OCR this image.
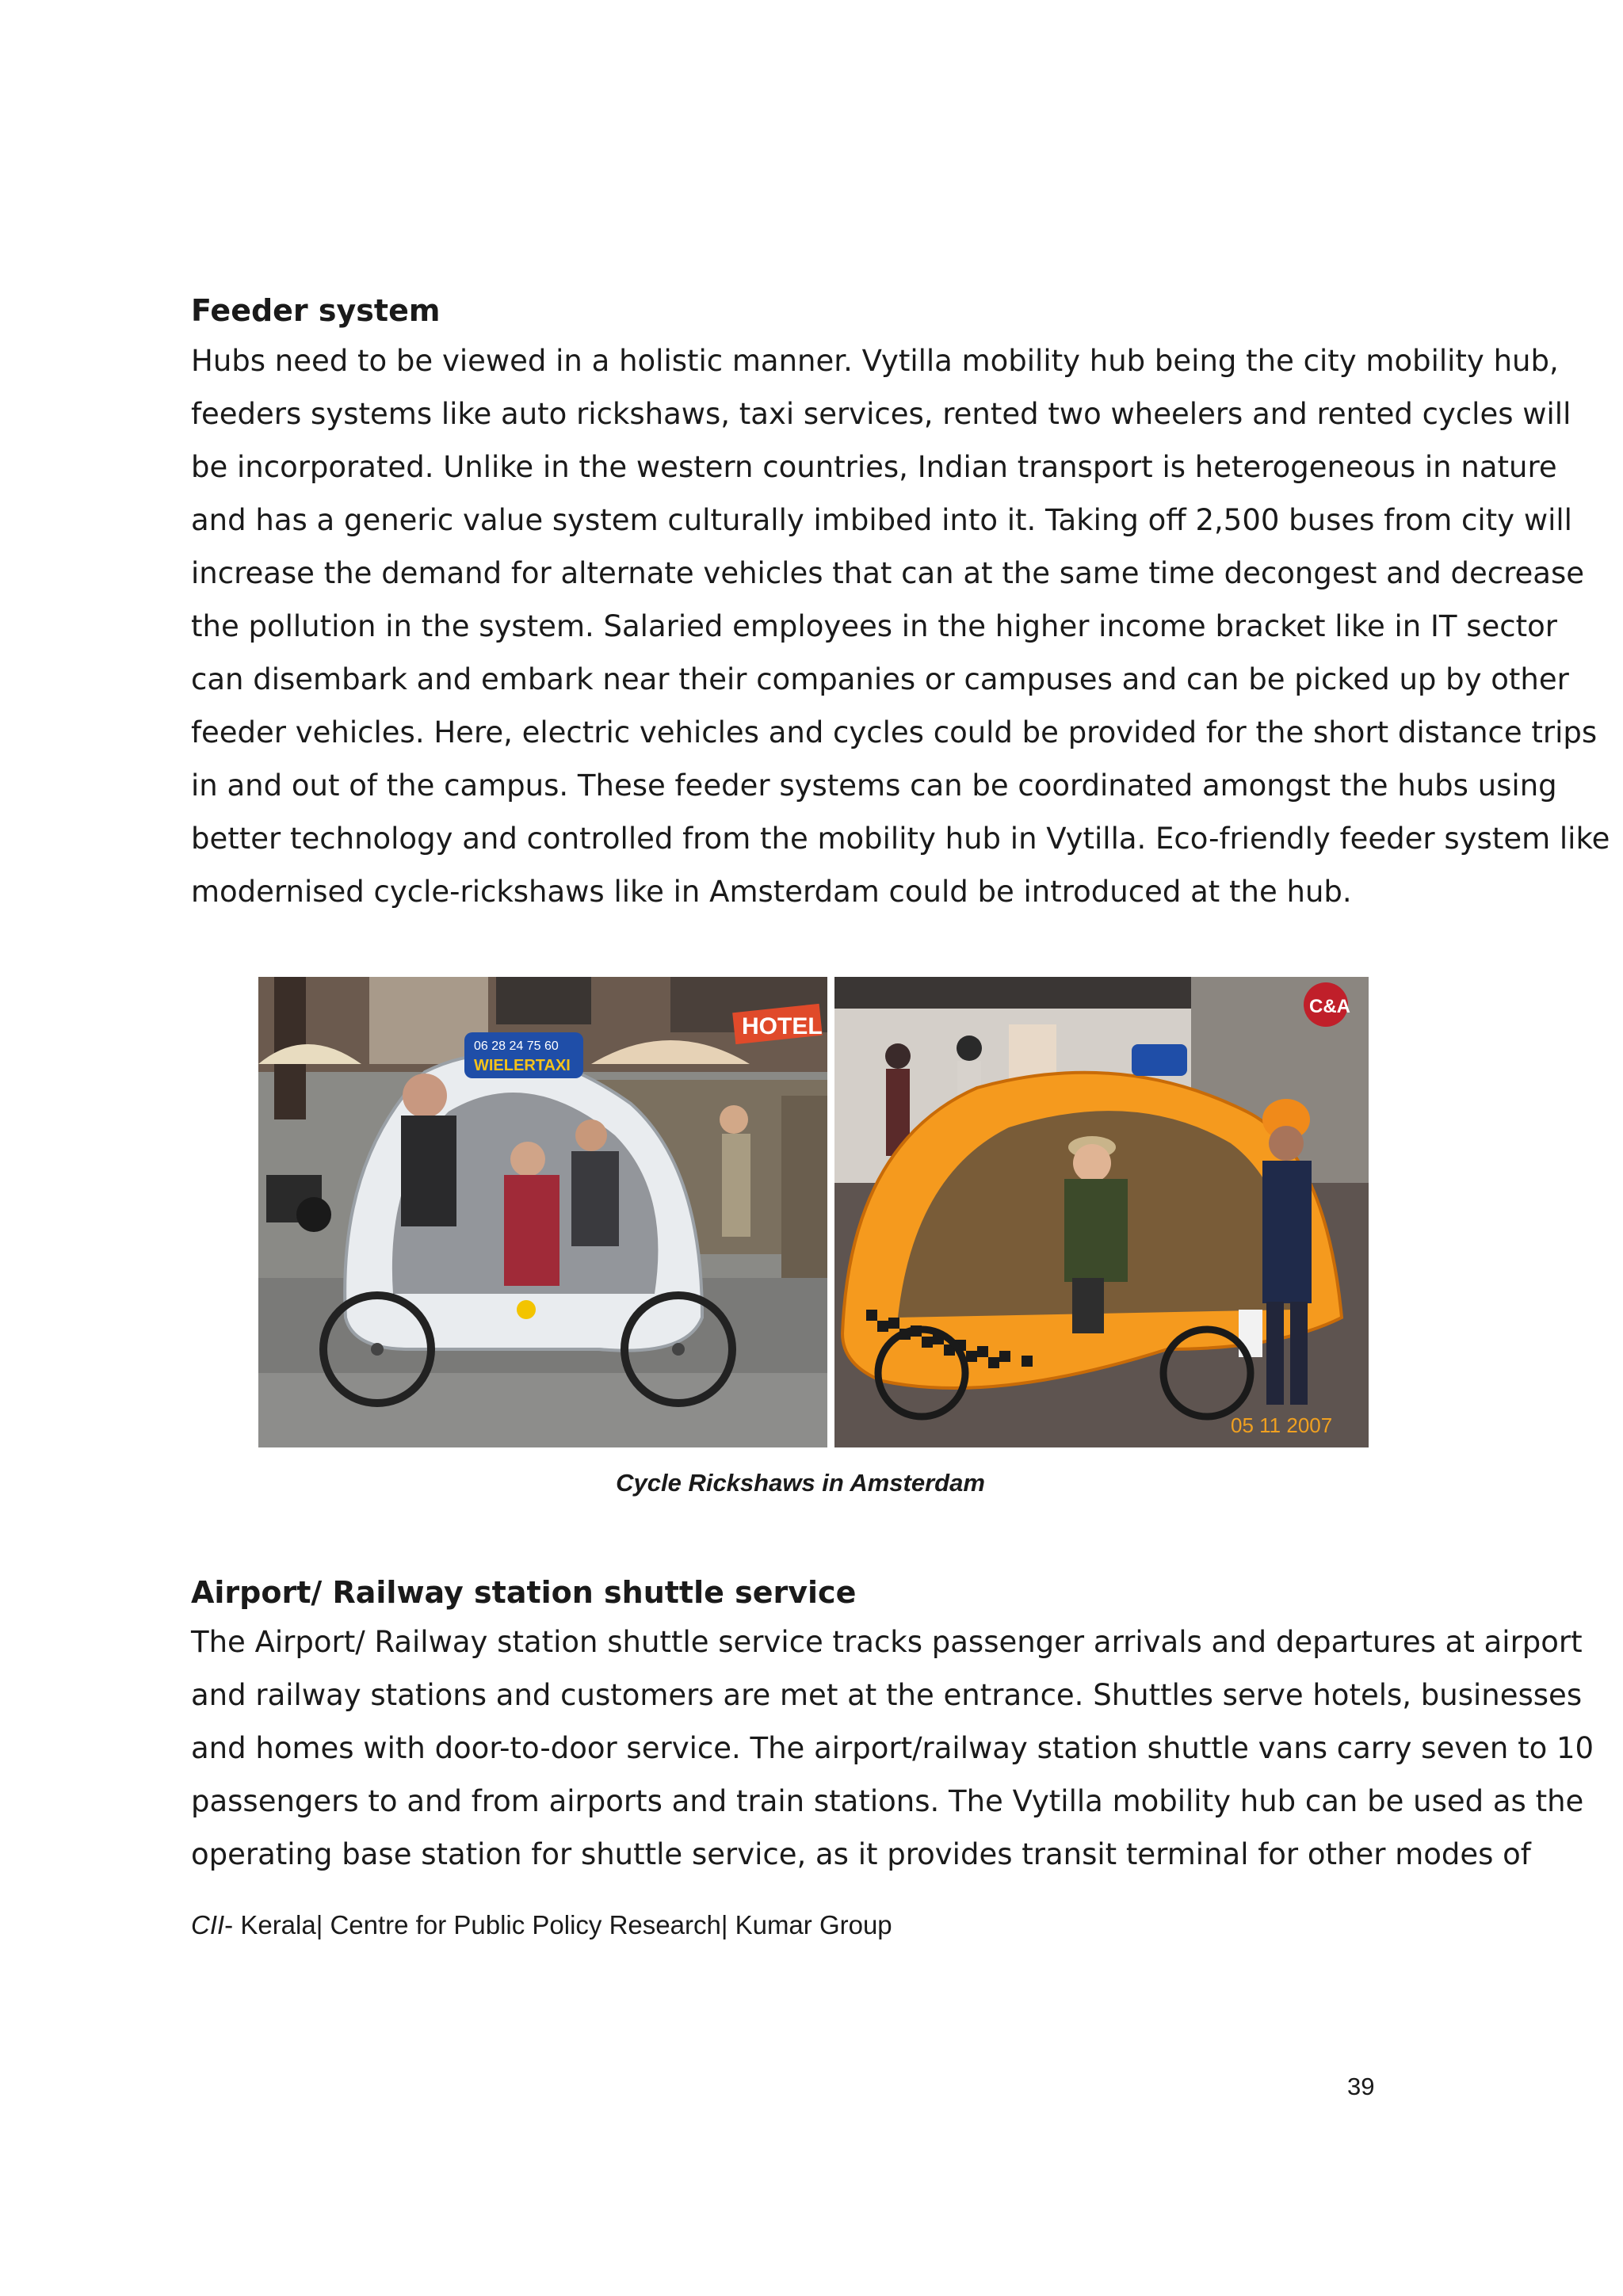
Feeder system
Hubs need to be viewed in a holistic manner. Vytilla mobility hub being the city mobility hub,
feeders systems like auto rickshaws, taxi services, rented two wheelers and rented cycles will
be incorporated. Unlike in the western countries, Indian transport is heterogeneous in nature
and has a generic value system culturally imbibed into it. Taking off 2,500 buses from city will
increase the demand for alternate vehicles that can at the same time decongest and decrease
the pollution in the system. Salaried employees in the higher income bracket like in IT sector
can disembark and embark near their companies or campuses and can be picked up by other
feeder vehicles. Here, electric vehicles and cycles could be provided for the short distance trips
in and out of the campus. These feeder systems can be coordinated amongst the hubs using
better technology and controlled from the mobility hub in Vytilla. Eco-friendly feeder system like
modernised cycle-rickshaws like in Amsterdam could be introduced at the hub.
HOTEL
06 28 24 75 60
WIELERTAXI
C&A
05 11 2007
Cycle Rickshaws in Amsterdam
Airport/ Railway station shuttle service
The Airport/ Railway station shuttle service tracks passenger arrivals and departures at airport
and railway stations and customers are met at the entrance. Shuttles serve hotels, businesses
and homes with door-to-door service. The airport/railway station shuttle vans carry seven to 10
passengers to and from airports and train stations. The Vytilla mobility hub can be used as the
operating base station for shuttle service, as it provides transit terminal for other modes of
CII- Kerala| Centre for Public Policy Research| Kumar Group
39
